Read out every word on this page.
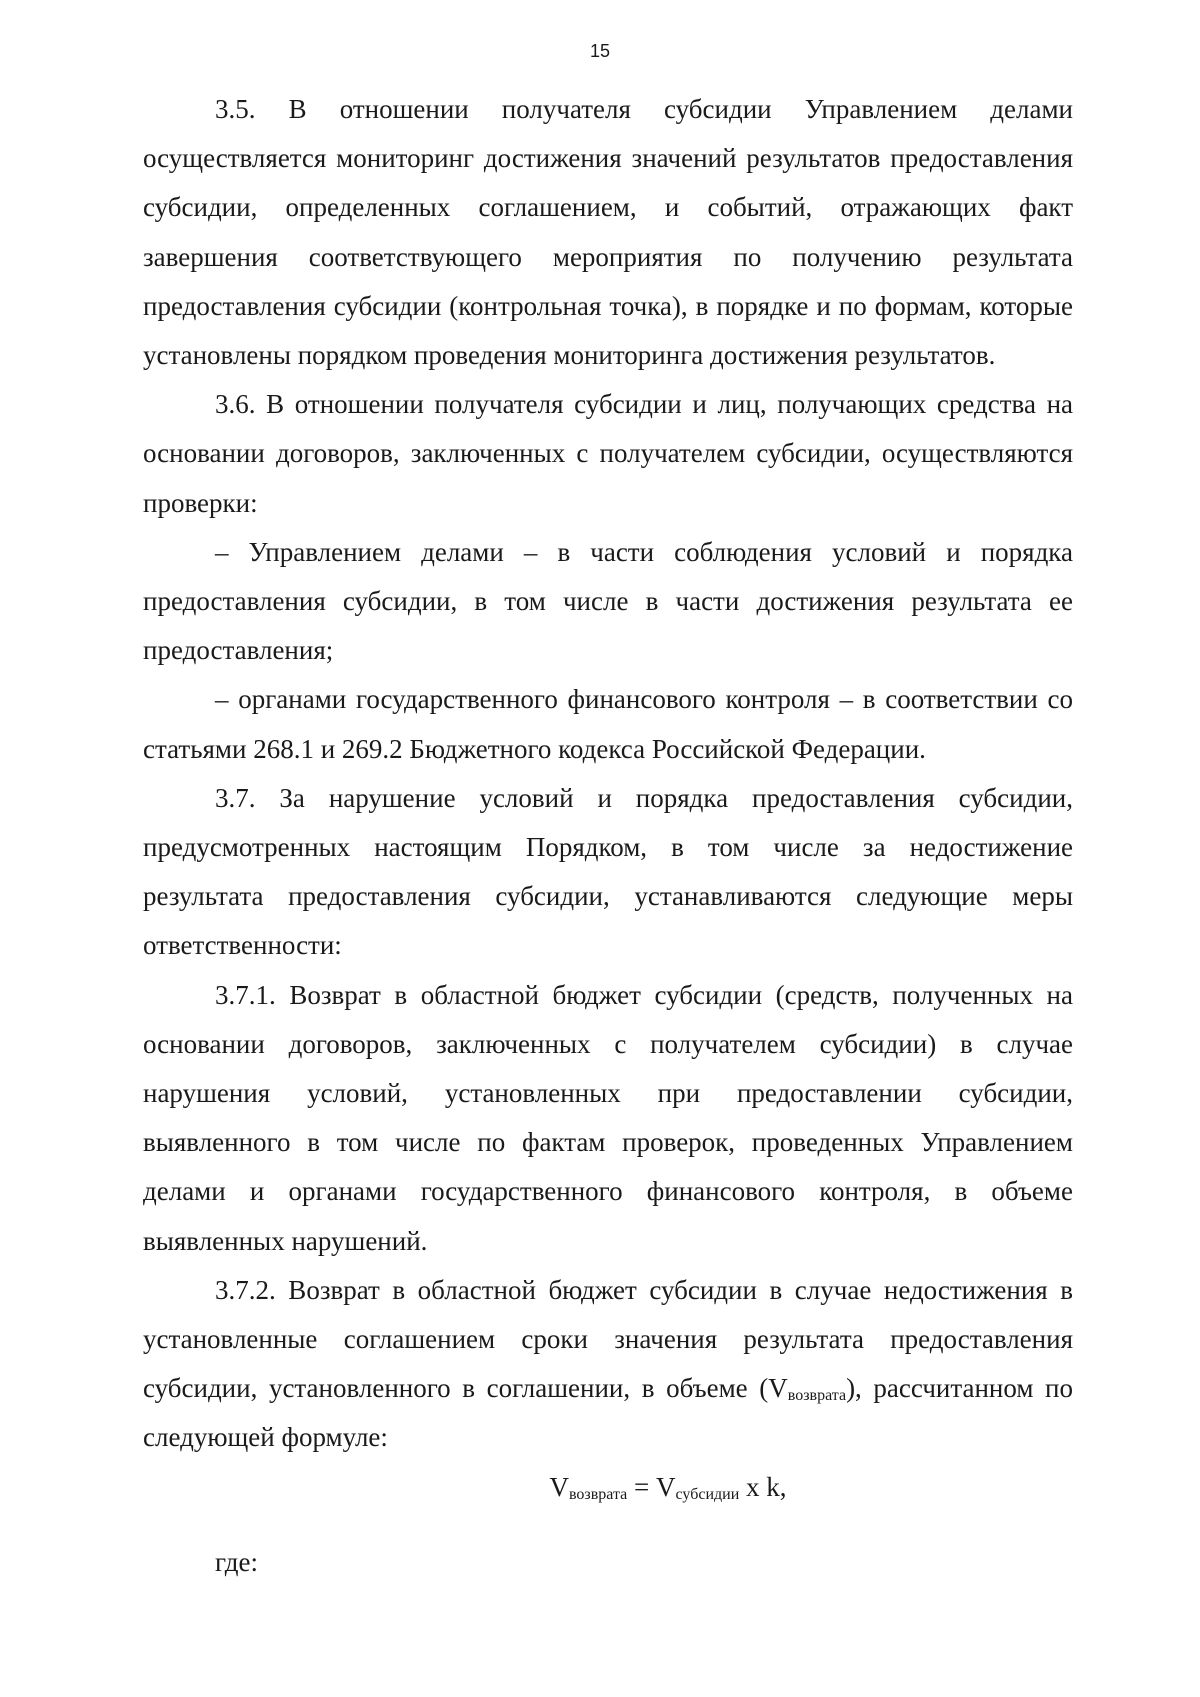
15

3.5. В отношении получателя субсидии Управлением делами осуществляется мониторинг достижения значений результатов предоставления субсидии, определенных соглашением, и событий, отражающих факт завершения соответствующего мероприятия по получению результата предоставления субсидии (контрольная точка), в порядке и по формам, которые установлены порядком проведения мониторинга достижения результатов.

3.6. В отношении получателя субсидии и лиц, получающих средства на основании договоров, заключенных с получателем субсидии, осуществляются проверки:

– Управлением делами – в части соблюдения условий и порядка предоставления субсидии, в том числе в части достижения результата ее предоставления;

– органами государственного финансового контроля – в соответствии со статьями 268.1 и 269.2 Бюджетного кодекса Российской Федерации.

3.7. За нарушение условий и порядка предоставления субсидии, предусмотренных настоящим Порядком, в том числе за недостижение результата предоставления субсидии, устанавливаются следующие меры ответственности:

3.7.1. Возврат в областной бюджет субсидии (средств, полученных на основании договоров, заключенных с получателем субсидии) в случае нарушения условий, установленных при предоставлении субсидии, выявленного в том числе по фактам проверок, проведенных Управлением делами и органами государственного финансового контроля, в объеме выявленных нарушений.

3.7.2. Возврат в областной бюджет субсидии в случае недостижения в установленные соглашением сроки значения результата предоставления субсидии, установленного в соглашении, в объеме $(V_{возврата})$, рассчитанном по следующей формуле:

$V_{возврата} = V_{субсидии}$ x k,

где:
